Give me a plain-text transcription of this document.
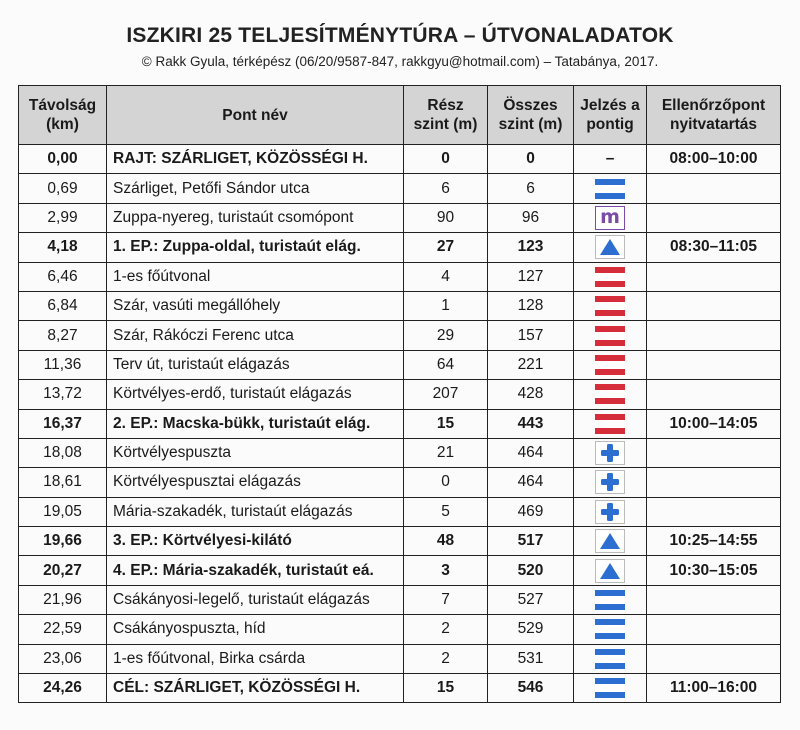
ISZKIRI 25 TELJESÍTMÉNYTÚRA – ÚTVONALADATOK
© Rakk Gyula, térképész (06/20/9587-847, rakkgyu@hotmail.com) – Tatabánya, 2017.
Távolság (km)	Pont név	Rész szint (m)	Összes szint (m)	Jelzés a pontig	Ellenőrzőpont nyitvatartás
0,00	RAJT: SZÁRLIGET, KÖZÖSSÉGI H.	0	0	–	08:00–10:00
0,69	Szárliget, Petőfi Sándor utca	6	6		
2,99	Zuppa-nyereg, turistaút csomópont	90	96	m	

4,18	1. EP.: Zuppa-oldal, turistaút elág.	27	123		08:30–11:05
6,46	1-es főútvonal	4	127		
6,84	Szár, vasúti megállóhely	1	128		
8,27	Szár, Rákóczi Ferenc utca	29	157		
11,36	Terv út, turistaút elágazás	64	221		
13,72	Körtvélyes-erdő, turistaút elágazás	207	428		
16,37	2. EP.: Macska-bükk, turistaút elág.	15	443		10:00–14:05
18,08	Körtvélyespuszta	21	464	

18,61	Körtvélyespusztai elágazás	0	464	

19,05	Mária-szakadék, turistaút elágazás	5	469	

19,66	3. EP.: Körtvélyesi-kilátó	48	517		10:25–14:55
20,27	4. EP.: Mária-szakadék, turistaút eá.	3	520		10:30–15:05
21,96	Csákányosi-legelő, turistaút elágazás	7	527		
22,59	Csákányospuszta, híd	2	529		
23,06	1-es főútvonal, Birka csárda	2	531		
24,26	CÉL: SZÁRLIGET, KÖZÖSSÉGI H.	15	546		11:00–16:00
